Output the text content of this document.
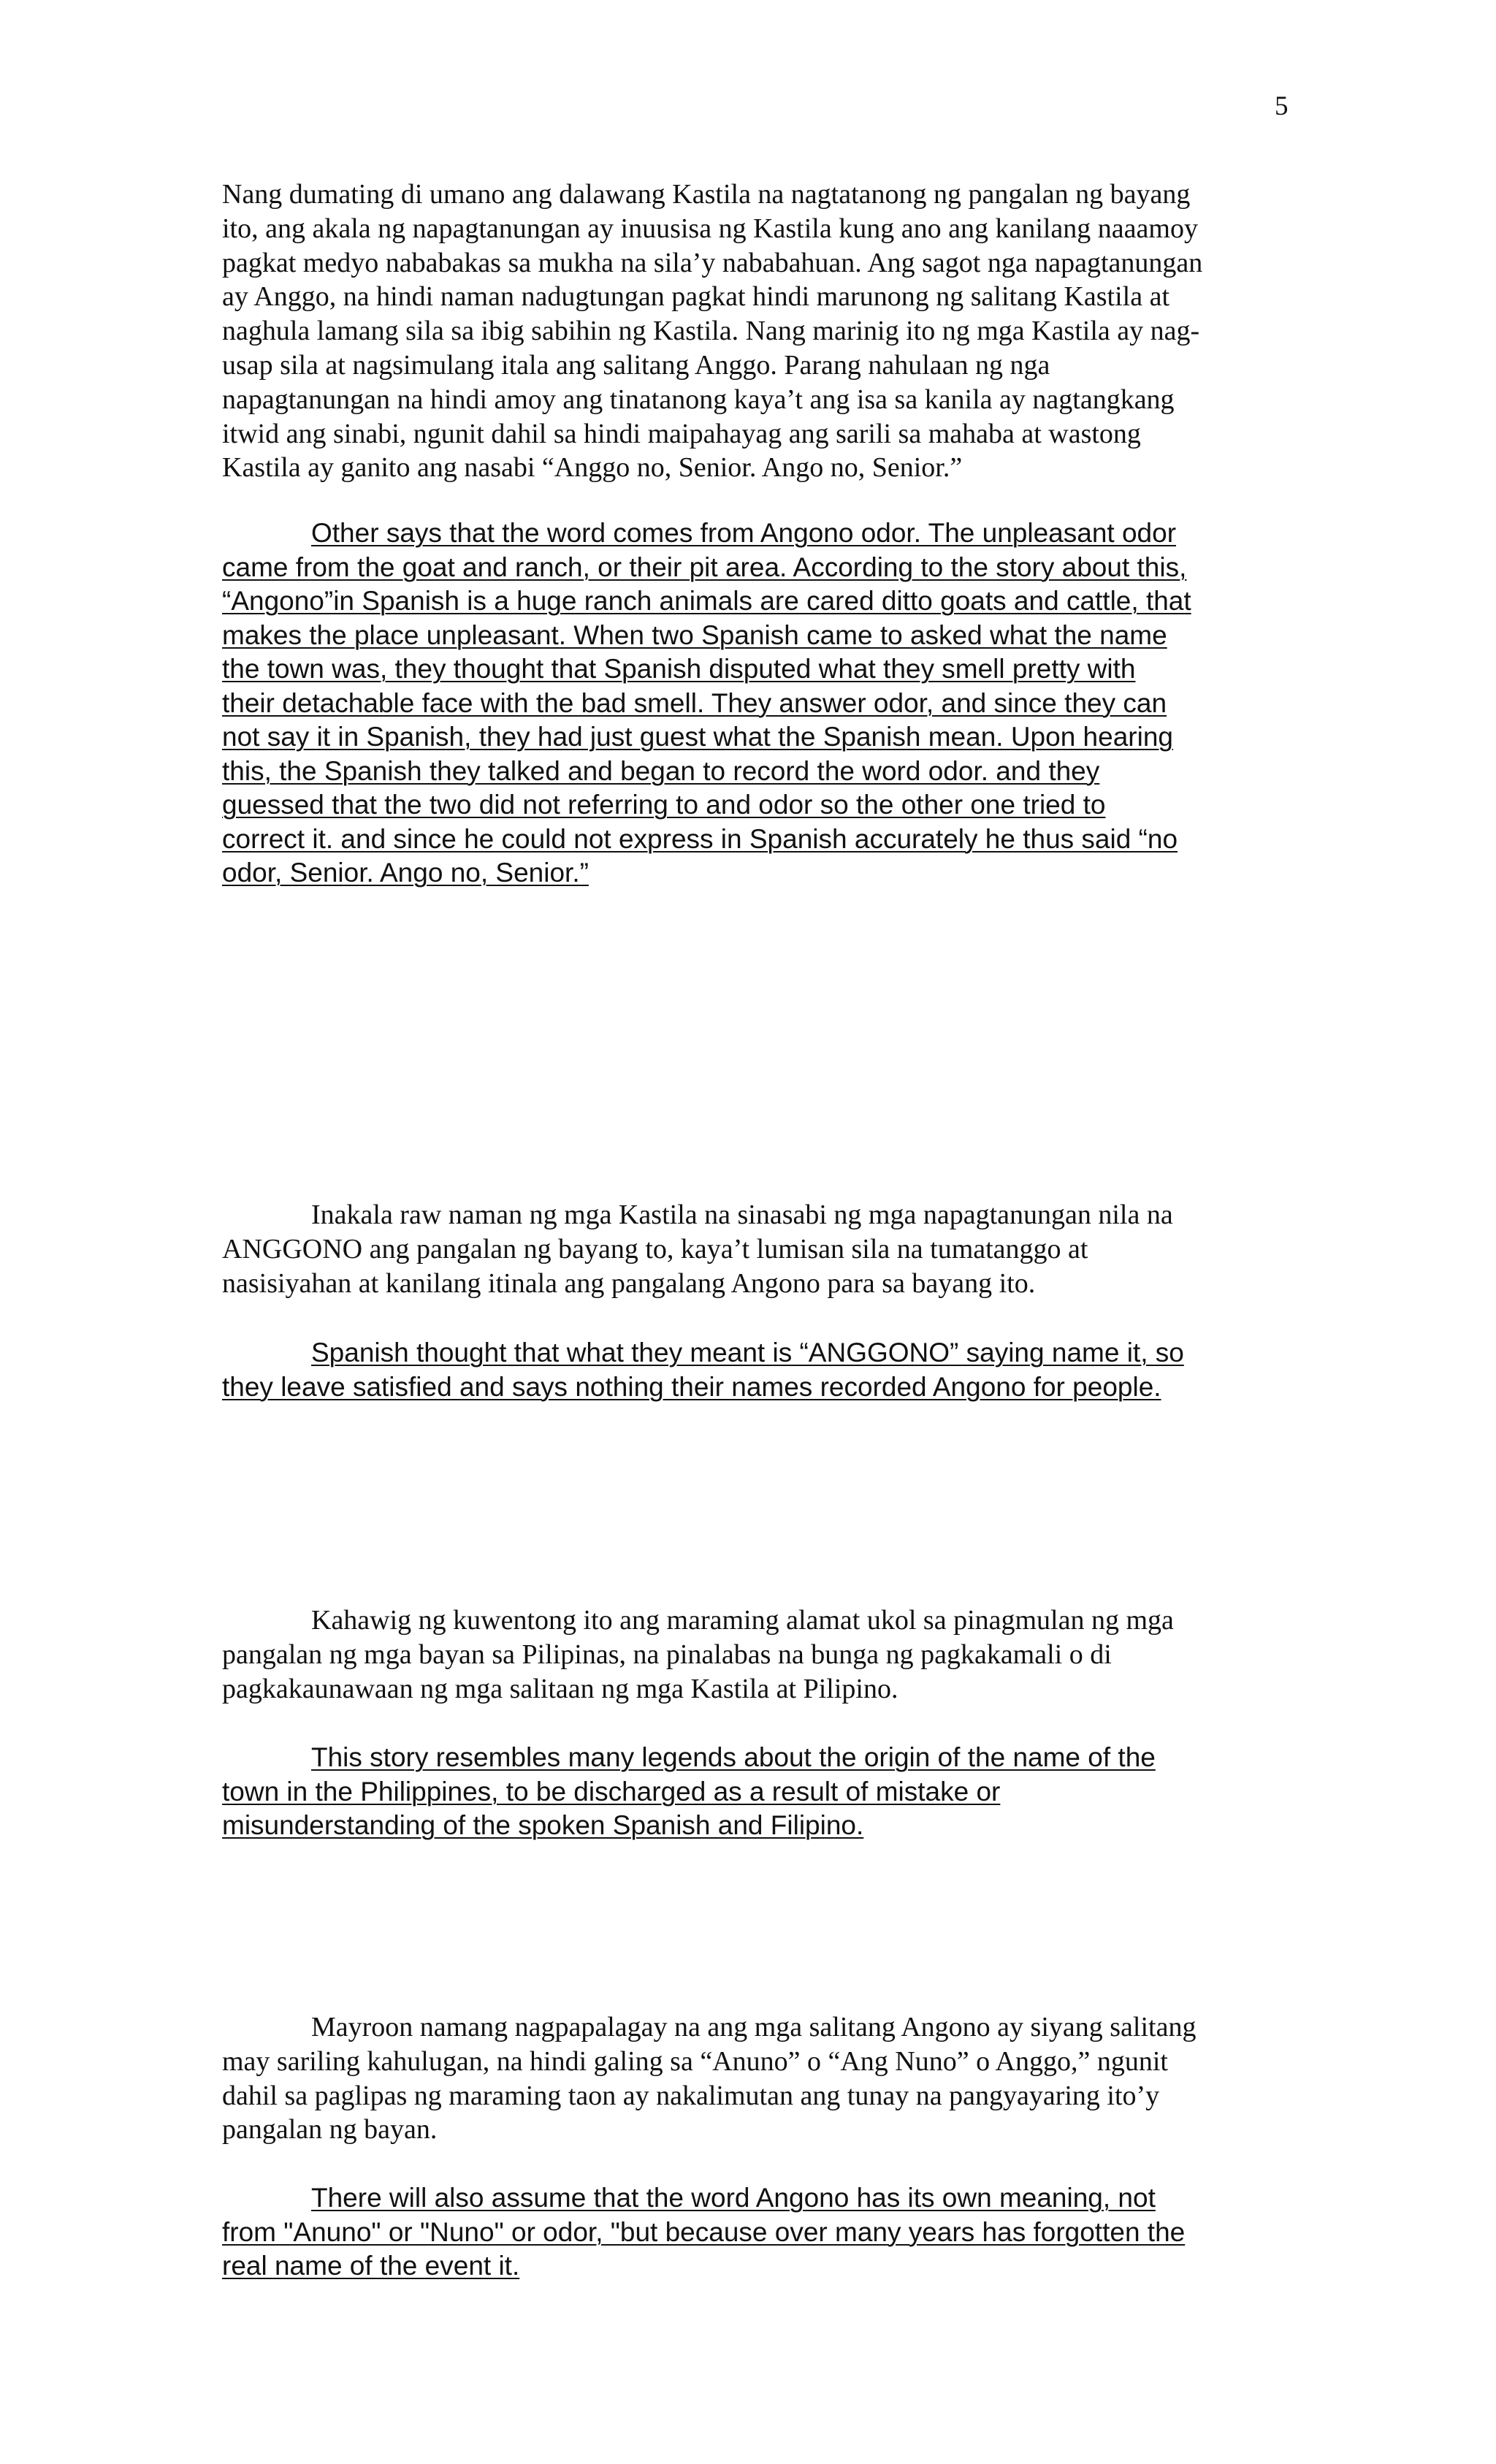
5

Nang dumating di umano ang dalawang Kastila na nagtatanong ng pangalan ng bayang
ito, ang akala ng napagtanungan ay inuusisa ng Kastila kung ano ang kanilang naaamoy
pagkat medyo nababakas sa mukha na sila’y nababahuan. Ang sagot nga napagtanungan
ay Anggo, na hindi naman nadugtungan pagkat hindi marunong ng salitang Kastila at
naghula lamang sila sa ibig sabihin ng Kastila. Nang marinig ito ng mga Kastila ay nag-
usap sila at nagsimulang itala ang salitang Anggo. Parang nahulaan ng nga
napagtanungan na hindi amoy ang tinatanong kaya’t ang isa sa kanila ay nagtangkang
itwid ang sinabi, ngunit dahil sa hindi maipahayag ang sarili sa mahaba at wastong
Kastila ay ganito ang nasabi “Anggo no, Senior. Ango no, Senior.”

Other says that the word comes from Angono odor. The unpleasant odor
came from the goat and ranch, or their pit area. According to the story about this,
“Angono”in Spanish is a huge ranch animals are cared ditto goats and cattle, that
makes the place unpleasant. When two Spanish came to asked what the name
the town was, they thought that Spanish disputed what they smell pretty with
their detachable face with the bad smell. They answer odor, and since they can
not say it in Spanish, they had just guest what the Spanish mean. Upon hearing
this, the Spanish they talked and began to record the word odor. and they
guessed that the two did not referring to and odor so the other one tried to
correct it. and since he could not express in Spanish accurately he thus said “no
odor, Senior. Ango no, Senior.”

Inakala raw naman ng mga Kastila na sinasabi ng mga napagtanungan nila na
ANGGONO ang pangalan ng bayang to, kaya’t lumisan sila na tumatanggo at
nasisiyahan at kanilang itinala ang pangalang Angono para sa bayang ito.

Spanish thought that what they meant is “ANGGONO” saying name it, so
they leave satisfied and says nothing their names recorded Angono for people.

Kahawig ng kuwentong ito ang maraming alamat ukol sa pinagmulan ng mga
pangalan ng mga bayan sa Pilipinas, na pinalabas na bunga ng pagkakamali o di
pagkakaunawaan ng mga salitaan ng mga Kastila at Pilipino.

This story resembles many legends about the origin of the name of the
town in the Philippines, to be discharged as a result of mistake or
misunderstanding of the spoken Spanish and Filipino.

Mayroon namang nagpapalagay na ang mga salitang Angono ay siyang salitang
may sariling kahulugan, na hindi galing sa “Anuno” o “Ang Nuno” o Anggo,” ngunit
dahil sa paglipas ng maraming taon ay nakalimutan ang tunay na pangyayaring ito’y
pangalan ng bayan.

There will also assume that the word Angono has its own meaning, not
from "Anuno" or "Nuno" or odor, "but because over many years has forgotten the
real name of the event it.
